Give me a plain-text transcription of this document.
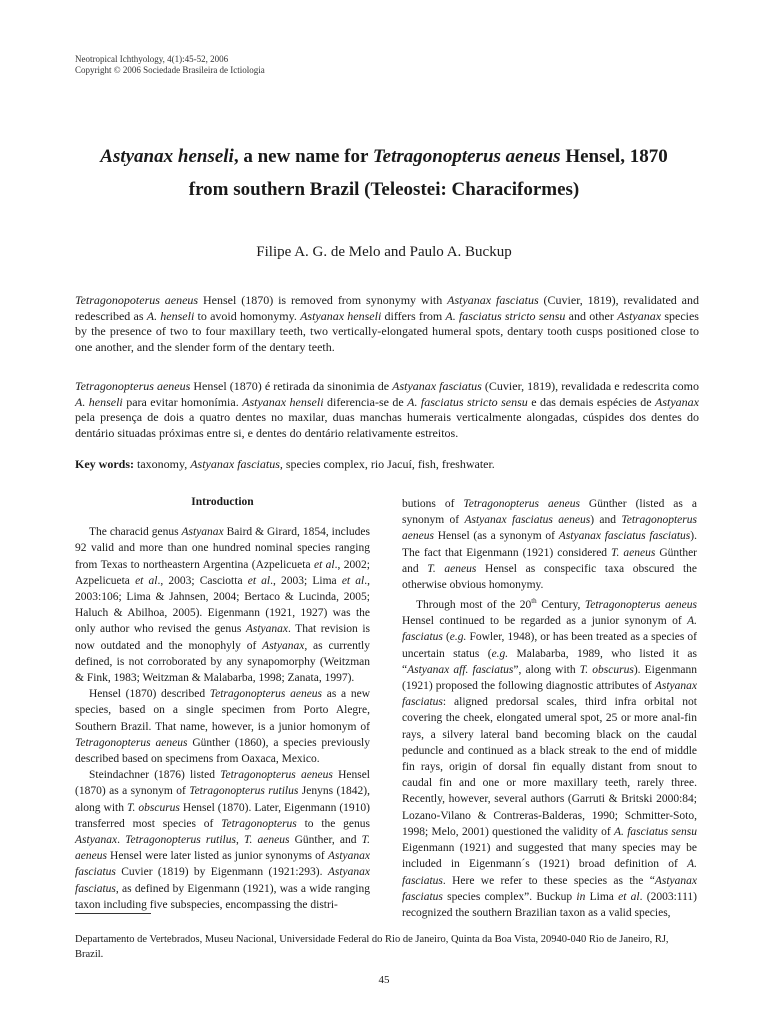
Neotropical Ichthyology, 4(1):45-52, 2006
Copyright © 2006 Sociedade Brasileira de Ictiologia
Astyanax henseli, a new name for Tetragonopterus aeneus Hensel, 1870
from southern Brazil (Teleostei: Characiformes)
Filipe A. G. de Melo and Paulo A. Buckup

Tetragonopoterus aeneus Hensel (1870) is removed from synonymy with Astyanax fasciatus (Cuvier, 1819), revalidated and redescribed as A. henseli to avoid homonymy. Astyanax henseli differs from A. fasciatus stricto sensu and other Astyanax species by the presence of two to four maxillary teeth, two vertically-elongated humeral spots, dentary tooth cusps positioned close to one another, and the slender form of the dentary teeth.

Tetragonopterus aeneus Hensel (1870) é retirada da sinonimia de Astyanax fasciatus (Cuvier, 1819), revalidada e redescrita como A. henseli para evitar homonímia. Astyanax henseli diferencia-se de A. fasciatus stricto sensu e das demais espécies de Astyanax pela presença de dois a quatro dentes no maxilar, duas manchas humerais verticalmente alongadas, cúspides dos dentes do dentário situadas próximas entre si, e dentes do dentário relativamente estreitos.

Key words: taxonomy, Astyanax fasciatus, species complex, rio Jacuí, fish, freshwater.
Introduction

The characid genus Astyanax Baird & Girard, 1854, includes 92 valid and more than one hundred nominal species ranging from Texas to northeastern Argentina (Azpelicueta et al., 2002; Azpelicueta et al., 2003; Casciotta et al., 2003; Lima et al., 2003:106; Lima & Jahnsen, 2004; Bertaco & Lucinda, 2005; Haluch & Abilhoa, 2005). Eigenmann (1921, 1927) was the only author who revised the genus Astyanax. That revision is now outdated and the monophyly of Astyanax, as currently defined, is not corroborated by any synapomorphy (Weitzman & Fink, 1983; Weitzman & Malabarba, 1998; Zanata, 1997).

Hensel (1870) described Tetragonopterus aeneus as a new species, based on a single specimen from Porto Alegre, Southern Brazil. That name, however, is a junior homonym of Tetragonopterus aeneus Günther (1860), a species previously described based on specimens from Oaxaca, Mexico.

Steindachner (1876) listed Tetragonopterus aeneus Hensel (1870) as a synonym of Tetragonopterus rutilus Jenyns (1842), along with T. obscurus Hensel (1870). Later, Eigenmann (1910) transferred most species of Tetragonopterus to the genus Astyanax. Tetragonopterus rutilus, T. aeneus Günther, and T. aeneus Hensel were later listed as junior synonyms of Astyanax fasciatus Cuvier (1819) by Eigenmann (1921:293). Astyanax fasciatus, as defined by Eigenmann (1921), was a wide ranging taxon including five subspecies, encompassing the distri-

butions of Tetragonopterus aeneus Günther (listed as a synonym of Astyanax fasciatus aeneus) and Tetragonopterus aeneus Hensel (as a synonym of Astyanax fasciatus fasciatus). The fact that Eigenmann (1921) considered T. aeneus Günther and T. aeneus Hensel as conspecific taxa obscured the otherwise obvious homonymy.

Through most of the 20th Century, Tetragonopterus aeneus Hensel continued to be regarded as a junior synonym of A. fasciatus (e.g. Fowler, 1948), or has been treated as a species of uncertain status (e.g. Malabarba, 1989, who listed it as “Astyanax aff. fasciatus”, along with T. obscurus). Eigenmann (1921) proposed the following diagnostic attributes of Astyanax fasciatus: aligned predorsal scales, third infra orbital not covering the cheek, elongated umeral spot, 25 or more anal-fin rays, a silvery lateral band becoming black on the caudal peduncle and continued as a black streak to the end of middle fin rays, origin of dorsal fin equally distant from snout to caudal fin and one or more maxillary teeth, rarely three. Recently, however, several authors (Garruti & Britski 2000:84; Lozano-Vilano & Contreras-Balderas, 1990; Schmitter-Soto, 1998; Melo, 2001) questioned the validity of A. fasciatus sensu Eigenmann (1921) and suggested that many species may be included in Eigenmann´s (1921) broad definition of A. fasciatus. Here we refer to these species as the “Astyanax fasciatus species complex”. Buckup in Lima et al. (2003:111) recognized the southern Brazilian taxon as a valid species,

Departamento de Vertebrados, Museu Nacional, Universidade Federal do Rio de Janeiro, Quinta da Boa Vista, 20940-040 Rio de Janeiro, RJ, Brazil.
45
